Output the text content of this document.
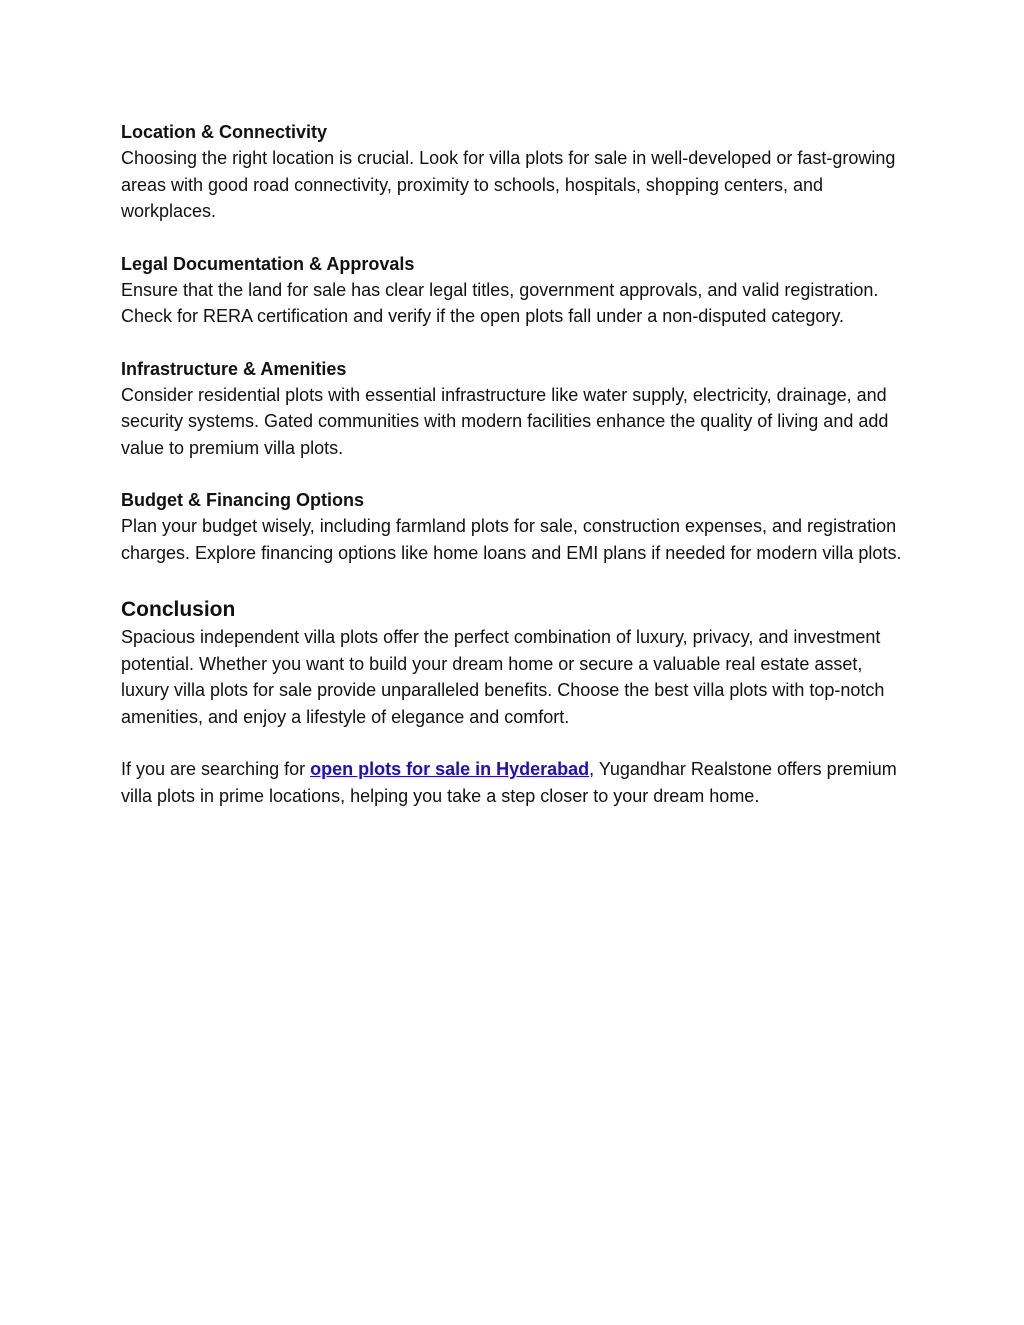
Location & Connectivity

Choosing the right location is crucial. Look for villa plots for sale in well-developed or fast-growing areas with good road connectivity, proximity to schools, hospitals, shopping centers, and workplaces.

Legal Documentation & Approvals

Ensure that the land for sale has clear legal titles, government approvals, and valid registration. Check for RERA certification and verify if the open plots fall under a non-disputed category.

Infrastructure & Amenities

Consider residential plots with essential infrastructure like water supply, electricity, drainage, and security systems. Gated communities with modern facilities enhance the quality of living and add value to premium villa plots.

Budget & Financing Options

Plan your budget wisely, including farmland plots for sale, construction expenses, and registration charges. Explore financing options like home loans and EMI plans if needed for modern villa plots.

Conclusion

Spacious independent villa plots offer the perfect combination of luxury, privacy, and investment potential. Whether you want to build your dream home or secure a valuable real estate asset, luxury villa plots for sale provide unparalleled benefits. Choose the best villa plots with top-notch amenities, and enjoy a lifestyle of elegance and comfort.

If you are searching for open plots for sale in Hyderabad, Yugandhar Realstone offers premium villa plots in prime locations, helping you take a step closer to your dream home.
